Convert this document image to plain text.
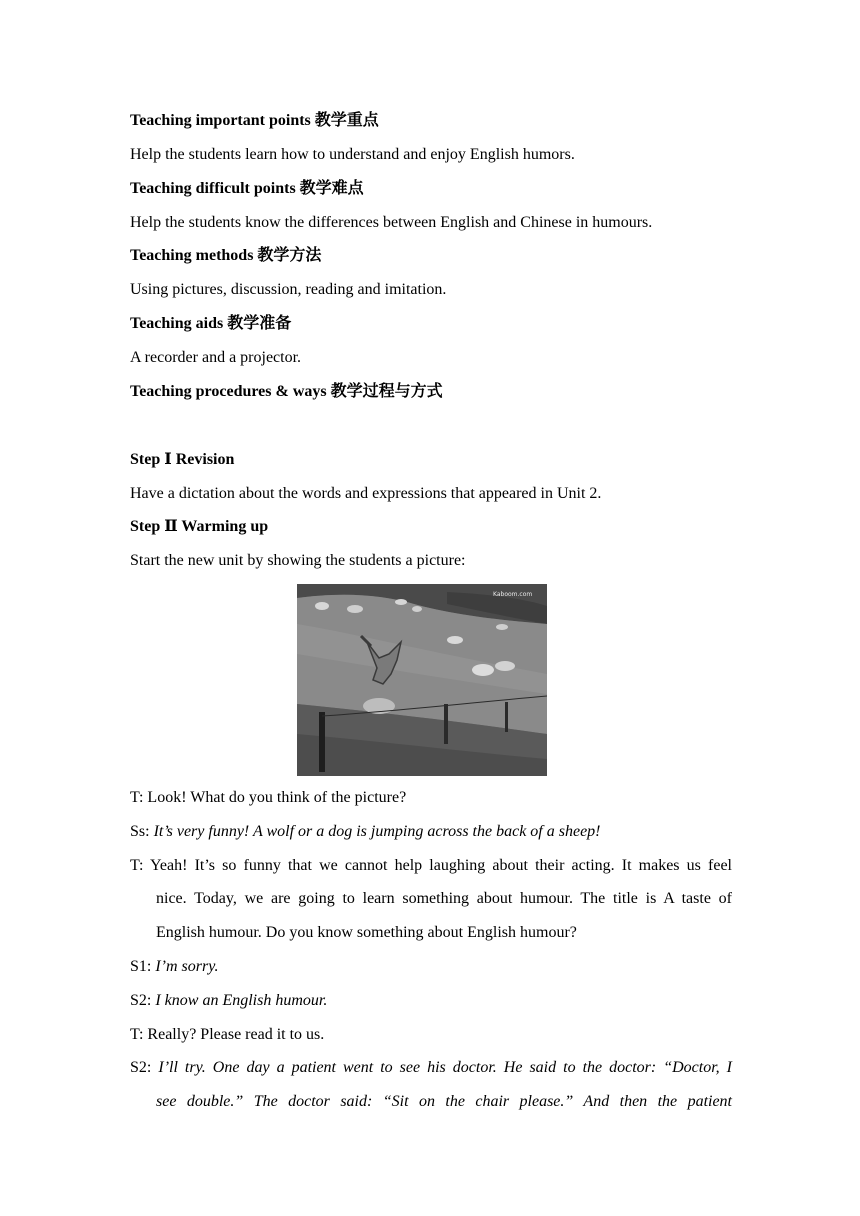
Teaching important points 教学重点
Help the students learn how to understand and enjoy English humors.
Teaching difficult points 教学难点
Help the students know the differences between English and Chinese in humours.
Teaching methods 教学方法
Using pictures, discussion, reading and imitation.
Teaching aids 教学准备
A recorder and a projector.
Teaching procedures & ways 教学过程与方式
Step Ⅰ Revision
Have a dictation about the words and expressions that appeared in Unit 2.
Step Ⅱ Warming up
Start the new unit by showing the students a picture:
Kaboom.com
T: Look! What do you think of the picture?
Ss: It’s very funny! A wolf or a dog is jumping across the back of a sheep!
T: Yeah! It’s so funny that we cannot help laughing about their acting. It makes us feel
nice. Today, we are going to learn something about humour. The title is A taste of
English humour. Do you know something about English humour?
S1: I’m sorry.
S2: I know an English humour.
T: Really? Please read it to us.
S2: I’ll try. One day a patient went to see his doctor. He said to the doctor: “Doctor, I
see double.” The doctor said: “Sit on the chair please.” And then the patient
